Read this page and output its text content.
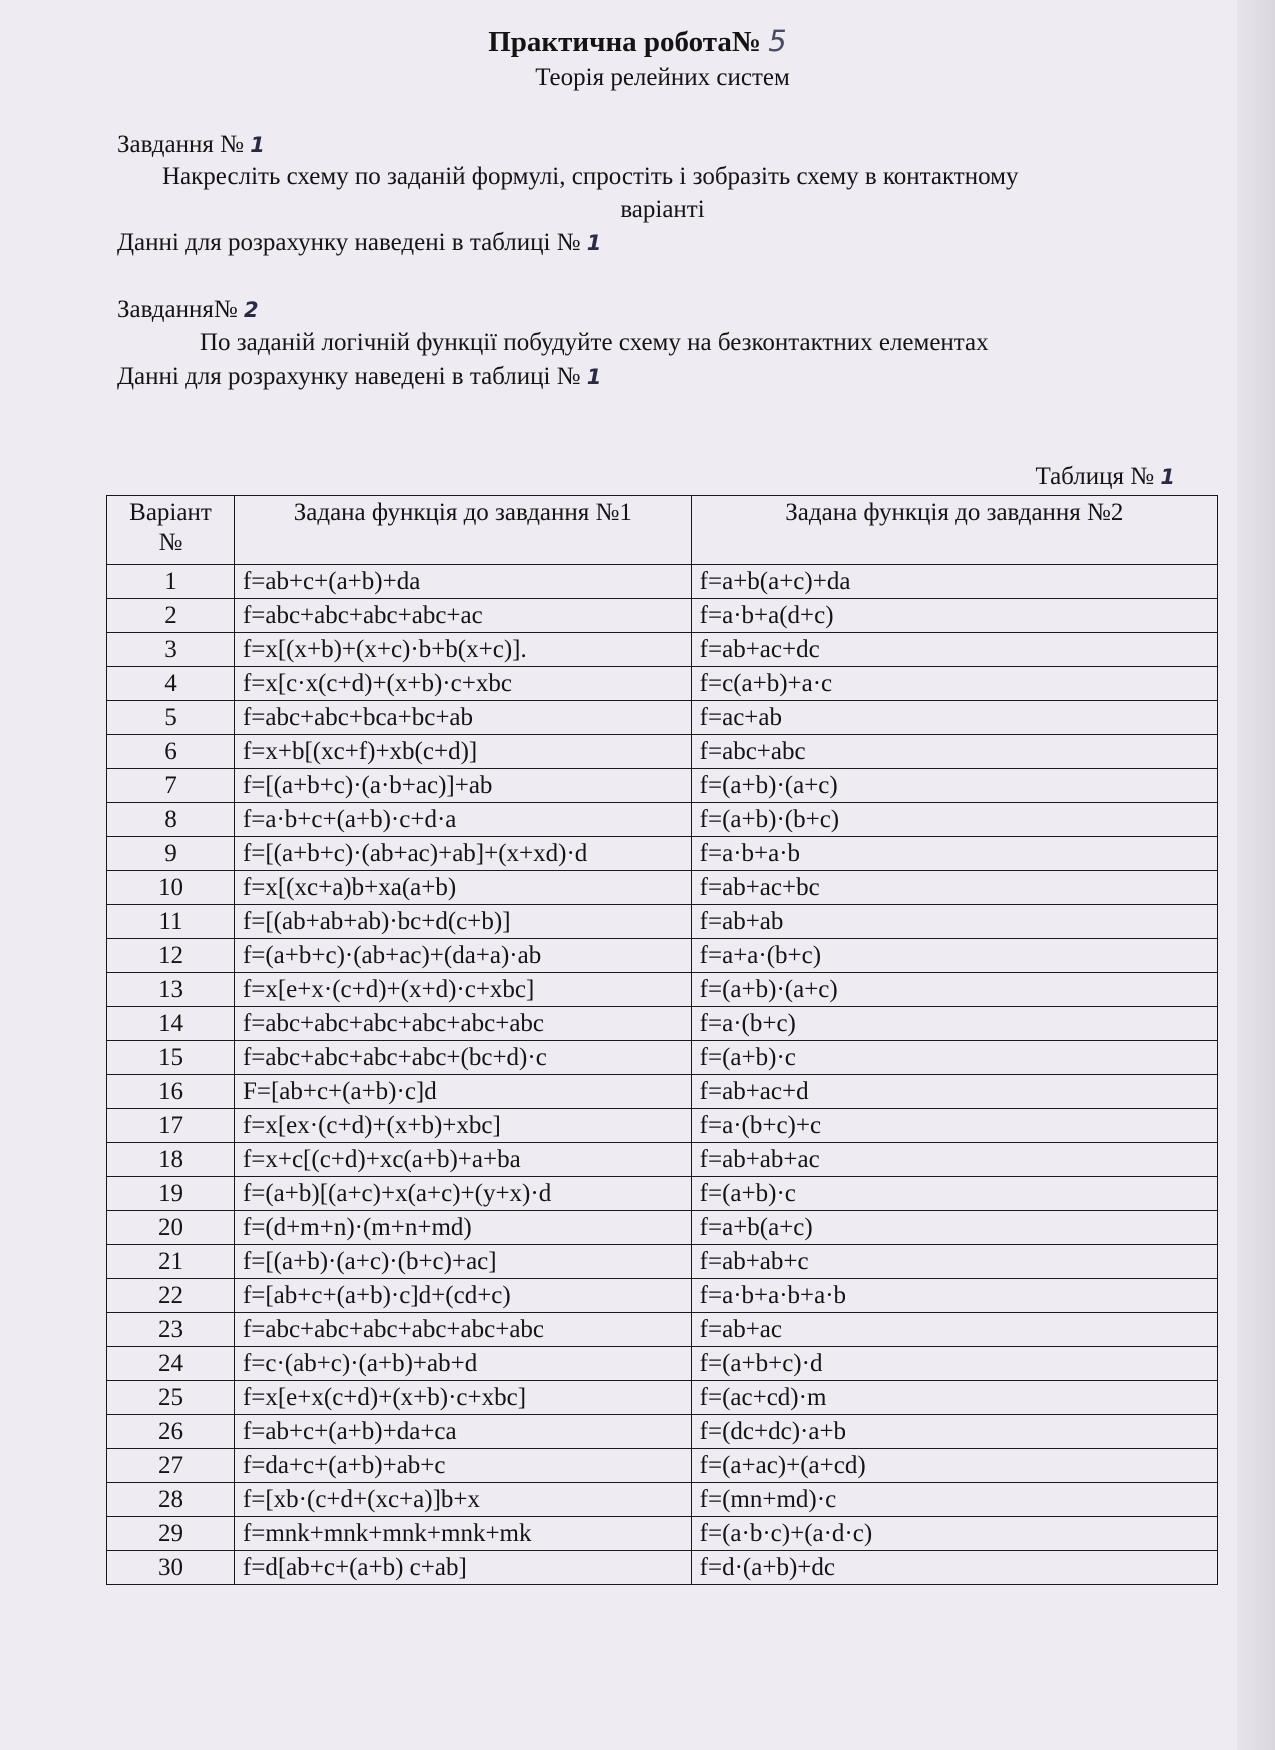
Практична робота№ 5
Теорія релейних систем
Завдання № 1
Накресліть схему по заданій формулі, спростіть і зобразіть схему в контактному
варіанті
Данні для розрахунку наведені в таблиці № 1
Завдання№ 2
По заданій логічній функції побудуйте схему на безконтактних елементах
Данні для розрахунку наведені в таблиці № 1
Таблиця № 1
Варіант №	Задана функція до завдання №1	Задана функція до завдання №2
1	f=ab+c+(a+b)+da	f=a+b(a+c)+da
2	f=abc+abc+abc+abc+ac	f=a·b+a(d+c)
3	f=x[(x+b)+(x+c)·b+b(x+c)].	f=ab+ac+dc
4	f=x[c·x(c+d)+(x+b)·c+xbc	f=c(a+b)+a·c
5	f=abc+abc+bca+bc+ab	f=ac+ab
6	f=x+b[(xc+f)+xb(c+d)]	f=abc+abc
7	f=[(a+b+c)·(a·b+ac)]+ab	f=(a+b)·(a+c)
8	f=a·b+c+(a+b)·c+d·a	f=(a+b)·(b+c)
9	f=[(a+b+c)·(ab+ac)+ab]+(x+xd)·d	f=a·b+a·b
10	f=x[(xc+a)b+xa(a+b)	f=ab+ac+bc
11	f=[(ab+ab+ab)·bc+d(c+b)]	f=ab+ab
12	f=(a+b+c)·(ab+ac)+(da+a)·ab	f=a+a·(b+c)
13	f=x[e+x·(c+d)+(x+d)·c+xbc]	f=(a+b)·(a+c)
14	f=abc+abc+abc+abc+abc+abc	f=a·(b+c)
15	f=abc+abc+abc+abc+(bc+d)·c	f=(a+b)·c
16	F=[ab+c+(a+b)·c]d	f=ab+ac+d
17	f=x[ex·(c+d)+(x+b)+xbc]	f=a·(b+c)+c
18	f=x+c[(c+d)+xc(a+b)+a+ba	f=ab+ab+ac
19	f=(a+b)[(a+c)+x(a+c)+(y+x)·d	f=(a+b)·c
20	f=(d+m+n)·(m+n+md)	f=a+b(a+c)
21	f=[(a+b)·(a+c)·(b+c)+ac]	f=ab+ab+c
22	f=[ab+c+(a+b)·c]d+(cd+c)	f=a·b+a·b+a·b
23	f=abc+abc+abc+abc+abc+abc	f=ab+ac
24	f=c·(ab+c)·(a+b)+ab+d	f=(a+b+c)·d
25	f=x[e+x(c+d)+(x+b)·c+xbc]	f=(ac+cd)·m
26	f=ab+c+(a+b)+da+ca	f=(dc+dc)·a+b
27	f=da+c+(a+b)+ab+c	f=(a+ac)+(a+cd)
28	f=[xb·(c+d+(xc+a)]b+x	f=(mn+md)·c
29	f=mnk+mnk+mnk+mnk+mk	f=(a·b·c)+(a·d·c)
30	f=d[ab+c+(a+b) c+ab]	f=d·(a+b)+dc
